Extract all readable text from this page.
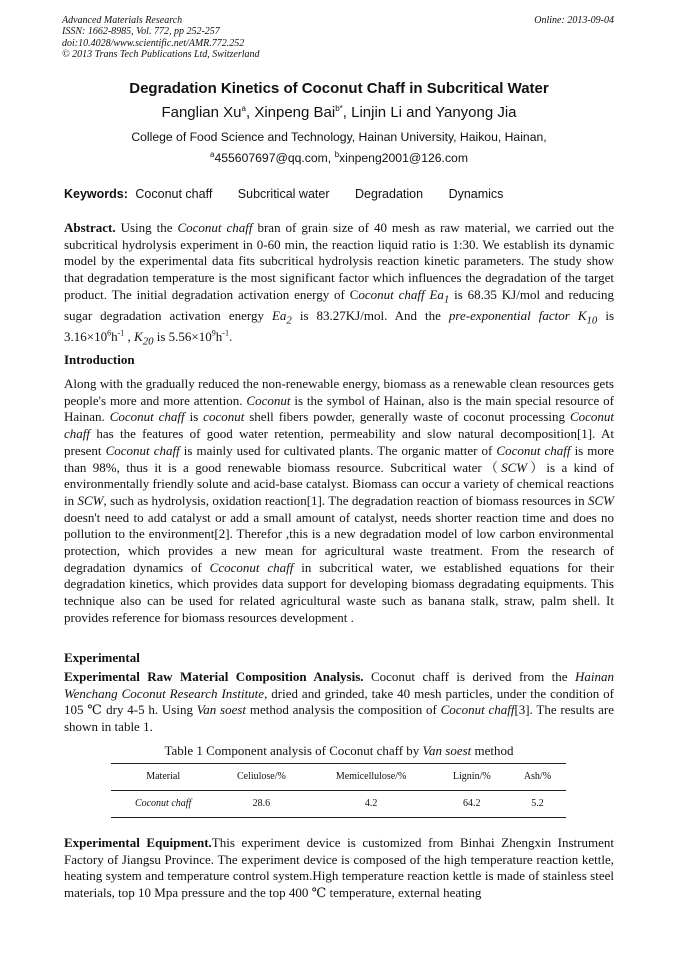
Advanced Materials Research
ISSN: 1662-8985, Vol. 772, pp 252-257
doi:10.4028/www.scientific.net/AMR.772.252
© 2013 Trans Tech Publications Ltd, Switzerland
Online: 2013-09-04
Degradation Kinetics of Coconut Chaff in Subcritical Water
Fanglian Xu$^a$, Xinpeng Bai$^{b*}$, Linjin Li and Yanyong Jia
College of Food Science and Technology, Hainan University, Haikou, Hainan,
$^a$455607697@qq.com, $^b$xinpeng2001@126.com
Keywords: Coconut chaff Subcritical water Degradation Dynamics
Abstract. Using the Coconut chaff bran of grain size of 40 mesh as raw material, we carried out the subcritical hydrolysis experiment in 0-60 min, the reaction liquid ratio is 1:30. We establish its dynamic model by the experimental data fits subcritical hydrolysis reaction kinetic parameters. The study show that degradation temperature is the most significant factor which influences the degradation of the target product. The initial degradation activation energy of Coconut chaff $Ea_1$ is 68.35 KJ/mol and reducing sugar degradation activation energy $Ea_2$ is 83.27KJ/mol. And the pre-exponential factor $K_{10}$ is $3.16\times 10^6h^{-1}$ , $K_{20}$ is $5.56\times 10^9h^{-1}$.
Introduction
Along with the gradually reduced the non-renewable energy, biomass as a renewable clean resources gets people's more and more attention. Coconut is the symbol of Hainan, also is the main special resource of Hainan. Coconut chaff is coconut shell fibers powder, generally waste of coconut processing Coconut chaff has the features of good water retention, permeability and slow natural decomposition[1]. At present Coconut chaff is mainly used for cultivated plants. The organic matter of Coconut chaff is more than 98%, thus it is a good renewable biomass resource. Subcritical water（SCW）is a kind of environmentally friendly solute and acid-base catalyst. Biomass can occur a variety of chemical reactions in SCW, such as hydrolysis, oxidation reaction[1]. The degradation reaction of biomass resources in SCW doesn't need to add catalyst or add a small amount of catalyst, needs shorter reaction time and does no pollution to the environment[2]. Therefor ,this is a new degradation model of low carbon environmental protection, which provides a new mean for agricultural waste treatment. From the research of degradation dynamics of Ccoconut chaff in subcritical water, we established equations for their degradation kinetics, which provides data support for developing biomass degradating equipments. This technique also can be used for related agricultural waste such as banana stalk, straw, palm shell. It provides reference for biomass resources development .
Experimental
Experimental Raw Material Composition Analysis. Coconut chaff is derived from the Hainan Wenchang Coconut Research Institute, dried and grinded, take 40 mesh particles, under the condition of 105 ℃ dry 4-5 h. Using Van soest method analysis the composition of Coconut chaff[3]. The results are shown in table 1.
Table 1 Component analysis of Coconut chaff by Van soest method
Material	Celiulose/%	Memicellulose/%	Lignin/%	Ash/%
Coconut chaff	28.6	4.2	64.2	5.2
Experimental Equipment.This experiment device is customized from Binhai Zhengxin Instrument Factory of Jiangsu Province. The experiment device is composed of the high temperature reaction kettle, heating system and temperature control system.High temperature reaction kettle is made of stainless steel materials, top 10 Mpa pressure and the top 400 ℃ temperature, external heating
